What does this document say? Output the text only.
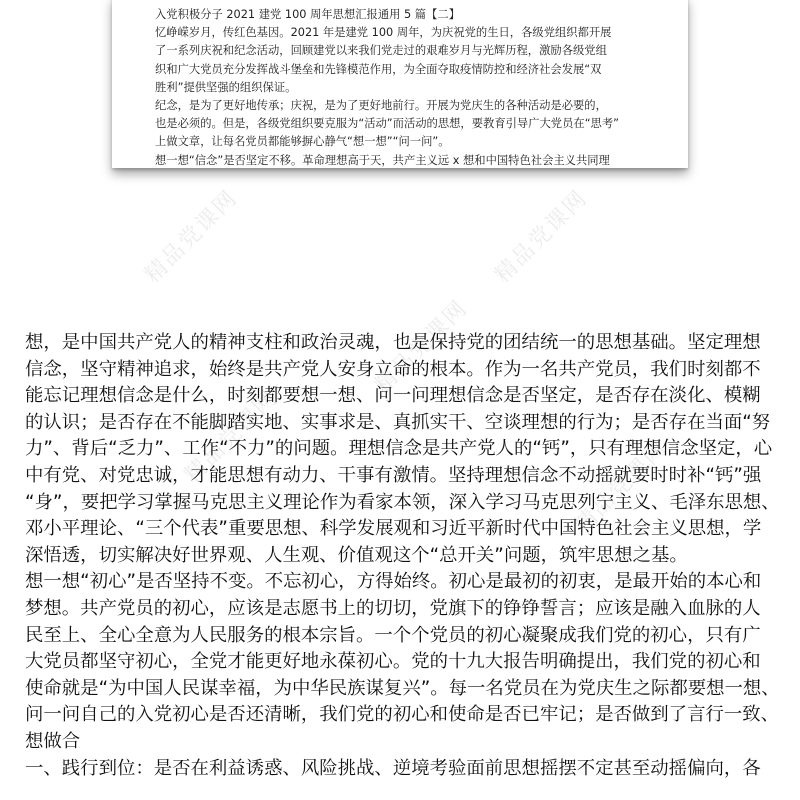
入党积极分子 2021 建党 100 周年思想汇报通用 5 篇【二】
忆峥嵘岁月，传红色基因。2021 年是建党 100 周年，为庆祝党的生日，各级党组织都开展
了一系列庆祝和纪念活动，回顾建党以来我们党走过的艰难岁月与光辉历程，激励各级党组
织和广大党员充分发挥战斗堡垒和先锋模范作用，为全面夺取疫情防控和经济社会发展“双
胜利”提供坚强的组织保证。
纪念，是为了更好地传承；庆祝，是为了更好地前行。开展为党庆生的各种活动是必要的，
也是必须的。但是，各级党组织要克服为“活动”而活动的思想，要教育引导广大党员在“思考”
上做文章，让每名党员都能够摒心静气“想一想”“问一问”。
想一想“信念”是否坚定不移。革命理想高于天，共产主义远 x 想和中国特色社会主义共同理
精品党课网	精品党课网
精品党课网
精品党课网	精品党课网
想，是中国共产党人的精神支柱和政治灵魂，也是保持党的团结统一的思想基础。坚定理想
信念，坚守精神追求，始终是共产党人安身立命的根本。作为一名共产党员，我们时刻都不
能忘记理想信念是什么，时刻都要想一想、问一问理想信念是否坚定，是否存在淡化、模糊
的认识；是否存在不能脚踏实地、实事求是、真抓实干、空谈理想的行为；是否存在当面“努
力”、背后“乏力”、工作“不力”的问题。理想信念是共产党人的“钙”，只有理想信念坚定，心
中有党、对党忠诚，才能思想有动力、干事有激情。坚持理想信念不动摇就要时时补“钙”强
“身”，要把学习掌握马克思主义理论作为看家本领，深入学习马克思列宁主义、毛泽东思想、
邓小平理论、“三个代表”重要思想、科学发展观和习近平新时代中国特色社会主义思想，学
深悟透，切实解决好世界观、人生观、价值观这个“总开关”问题，筑牢思想之基。
想一想“初心”是否坚持不变。不忘初心，方得始终。初心是最初的初衷，是最开始的本心和
梦想。共产党员的初心，应该是志愿书上的切切，党旗下的铮铮誓言；应该是融入血脉的人
民至上、全心全意为人民服务的根本宗旨。一个个党员的初心凝聚成我们党的初心，只有广
大党员都坚守初心，全党才能更好地永葆初心。党的十九大报告明确提出，我们党的初心和
使命就是“为中国人民谋幸福，为中华民族谋复兴”。每一名党员在为党庆生之际都要想一想、
问一问自己的入党初心是否还清晰，我们党的初心和使命是否已牢记；是否做到了言行一致、
想做合
一、践行到位：是否在利益诱惑、风险挑战、逆境考验面前思想摇摆不定甚至动摇偏向，各
